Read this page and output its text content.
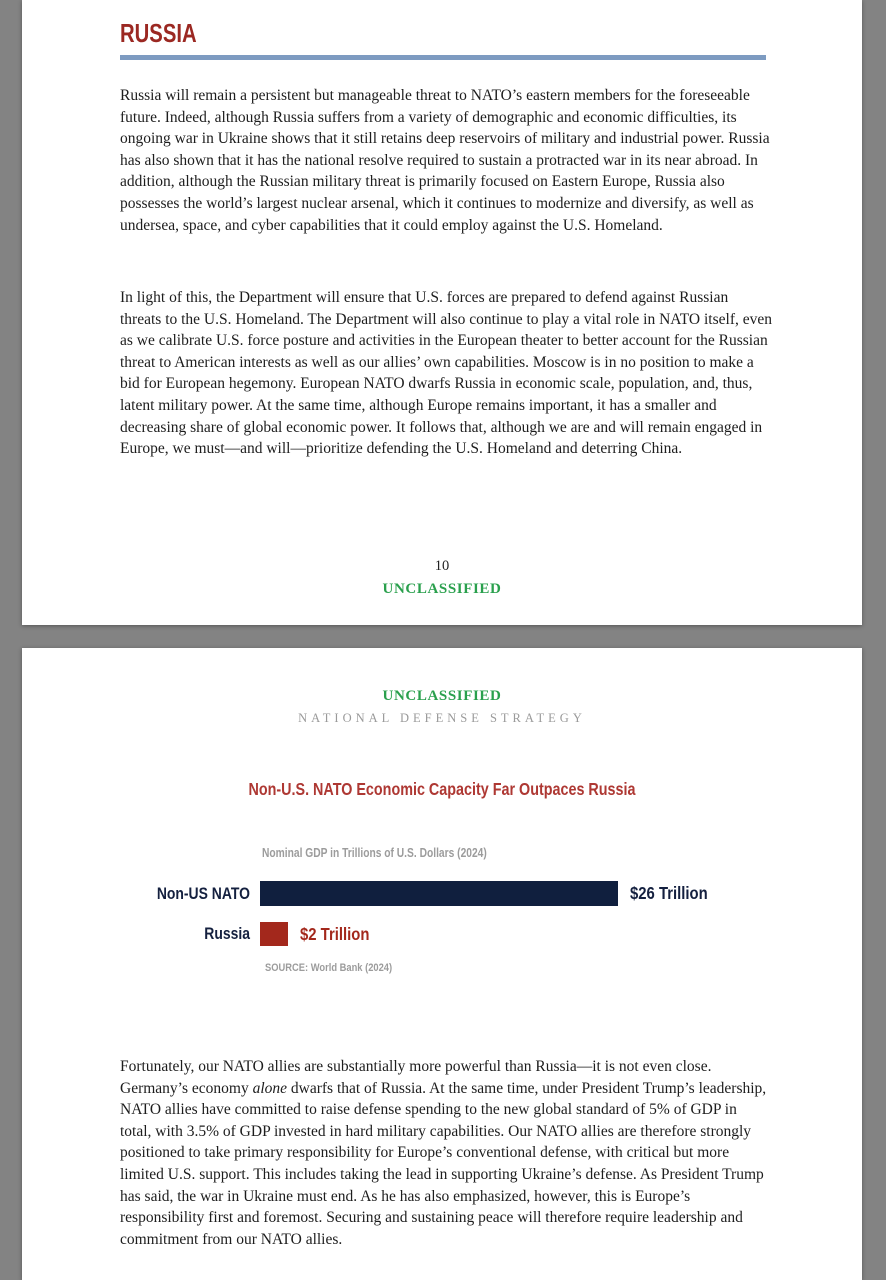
RUSSIA
Russia will remain a persistent but manageable threat to NATO’s eastern members for the foreseeable future. Indeed, although Russia suffers from a variety of demographic and economic difficulties, its ongoing war in Ukraine shows that it still retains deep reservoirs of military and industrial power. Russia has also shown that it has the national resolve required to sustain a protracted war in its near abroad. In addition, although the Russian military threat is primarily focused on Eastern Europe, Russia also possesses the world’s largest nuclear arsenal, which it continues to modernize and diversify, as well as undersea, space, and cyber capabilities that it could employ against the U.S. Homeland.
In light of this, the Department will ensure that U.S. forces are prepared to defend against Russian threats to the U.S. Homeland. The Department will also continue to play a vital role in NATO itself, even as we calibrate U.S. force posture and activities in the European theater to better account for the Russian threat to American interests as well as our allies’ own capabilities. Moscow is in no position to make a bid for European hegemony. European NATO dwarfs Russia in economic scale, population, and, thus, latent military power. At the same time, although Europe remains important, it has a smaller and decreasing share of global economic power. It follows that, although we are and will remain engaged in Europe, we must—and will—prioritize defending the U.S. Homeland and deterring China.
10
UNCLASSIFIED
UNCLASSIFIED
NATIONAL DEFENSE STRATEGY
Non-U.S. NATO Economic Capacity Far Outpaces Russia
Nominal GDP in Trillions of U.S. Dollars (2024)
Non-US NATO	$26 Trillion
Russia	$2 Trillion
SOURCE: World Bank (2024)
Fortunately, our NATO allies are substantially more powerful than Russia—it is not even close. Germany’s economy alone dwarfs that of Russia. At the same time, under President Trump’s leadership, NATO allies have committed to raise defense spending to the new global standard of 5% of GDP in total, with 3.5% of GDP invested in hard military capabilities. Our NATO allies are therefore strongly positioned to take primary responsibility for Europe’s conventional defense, with critical but more limited U.S. support. This includes taking the lead in supporting Ukraine’s defense. As President Trump has said, the war in Ukraine must end. As he has also emphasized, however, this is Europe’s responsibility first and foremost. Securing and sustaining peace will therefore require leadership and commitment from our NATO allies.
